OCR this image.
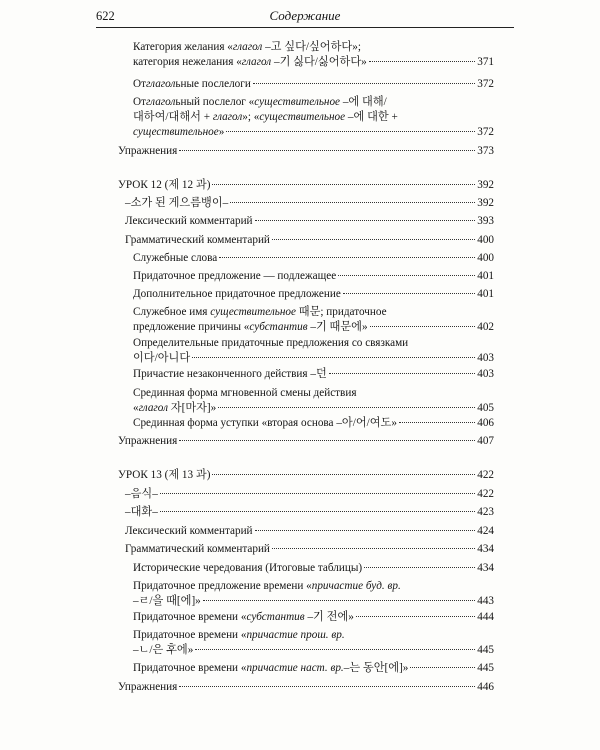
622	Содержание
Категория желания «глагол –고 싶다/싶어하다»;
категория нежелания «глагол –기 싫다/싫어하다»	371
Отглагольные послелоги	372
Отглагольный послелог «существительное –에 대해/
대하여/대해서 + глагол»; «существительное –에 대한 +
существительное»	372
Упражнения	373
УРОК 12 (제 12 과)	392
–소가 된 게으름뱅이–	392
Лексический комментарий	393
Грамматический комментарий	400
Служебные слова	400
Придаточное предложение — подлежащее	401
Дополнительное придаточное предложение	401
Служебное имя существительное 때문; придаточное
предложение причины «субстантив –기 때문에»	402
Определительные придаточные предложения со связками
이다/아니다	403
Причастие незаконченного действия –던	403
Срединная форма мгновенной смены действия
«глагол 자[마자]»	405
Срединная форма уступки «вторая основа –아/어/여도»	406
Упражнения	407
УРОК 13 (제 13 과)	422
–음식–	422
–대화–	423
Лексический комментарий	424
Грамматический комментарий	434
Исторические чередования (Итоговые таблицы)	434
Придаточное предложение времени «причастие буд. вр.
–ㄹ/을 때[에]»	443
Придаточное времени «субстантив –기 전에»	444
Придаточное времени «причастие прош. вр.
–ㄴ/은 후에»	445
Придаточное времени «причастие наст. вр.–는 동안[에]»	445
Упражнения	446
